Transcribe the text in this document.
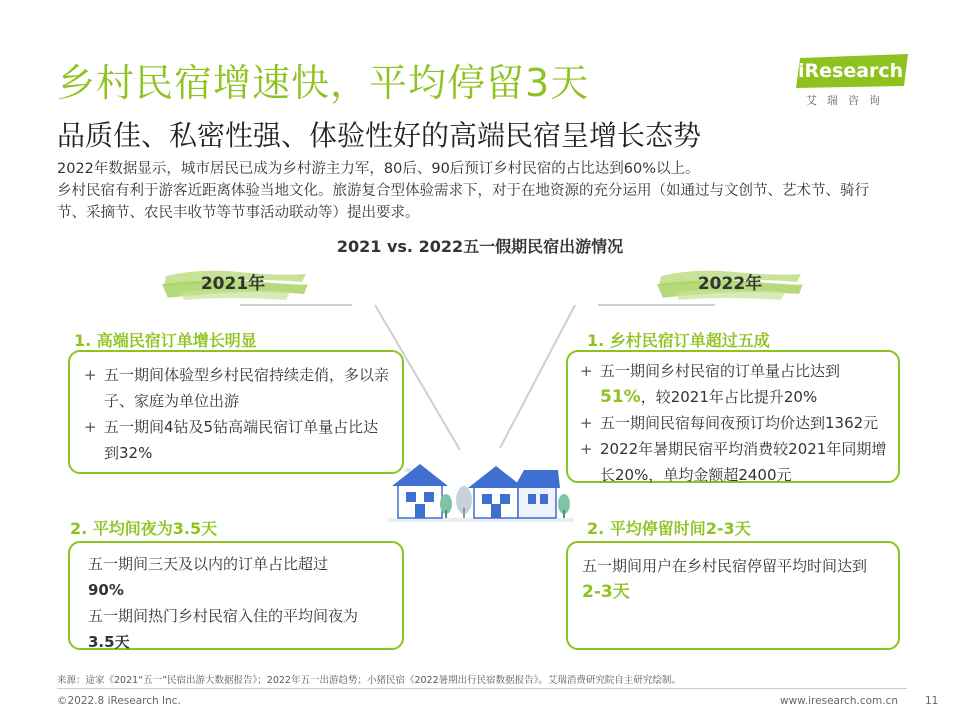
乡村民宿增速快，平均停留3天
品质佳、私密性强、体验性好的高端民宿呈增长态势

2022年数据显示，城市居民已成为乡村游主力军，80后、90后预订乡村民宿的占比达到60%以上。

乡村民宿有利于游客近距离体验当地文化。旅游复合型体验需求下，对于在地资源的充分运用（如通过与文创节、艺术节、骑行节、采摘节、农民丰收节等节事活动联动等）提出要求。

iResearch
艾瑞咨询
2021 vs. 2022五一假期民宿出游情况
2021年	2022年
1. 高端民宿订单增长明显
+ 五一期间体验型乡村民宿持续走俏，多以亲子、家庭为单位出游
+ 五一期间4钻及5钻高端民宿订单量占比达到32%
2. 平均间夜为3.5天

五一期间三天及以内的订单占比超过

90%

五一期间热门乡村民宿入住的平均间夜为

3.5天

1. 乡村民宿订单超过五成
+ 五一期间乡村民宿的订单量占比达到51%，较2021年占比提升20%
+ 五一期间民宿每间夜预订均价达到1362元
+ 2022年暑期民宿平均消费较2021年同期增长20%，单均金额超2400元
2. 平均停留时间2-3天

五一期间用户在乡村民宿停留平均时间达到2-3天

来源：途家《2021“五一”民宿出游大数据报告》；2022年五一出游趋势；小猪民宿《2022暑期出行民宿数据报告》。艾瑞消费研究院自主研究绘制。
©2022.8 iResearch Inc.	www.iresearch.com.cn	11
